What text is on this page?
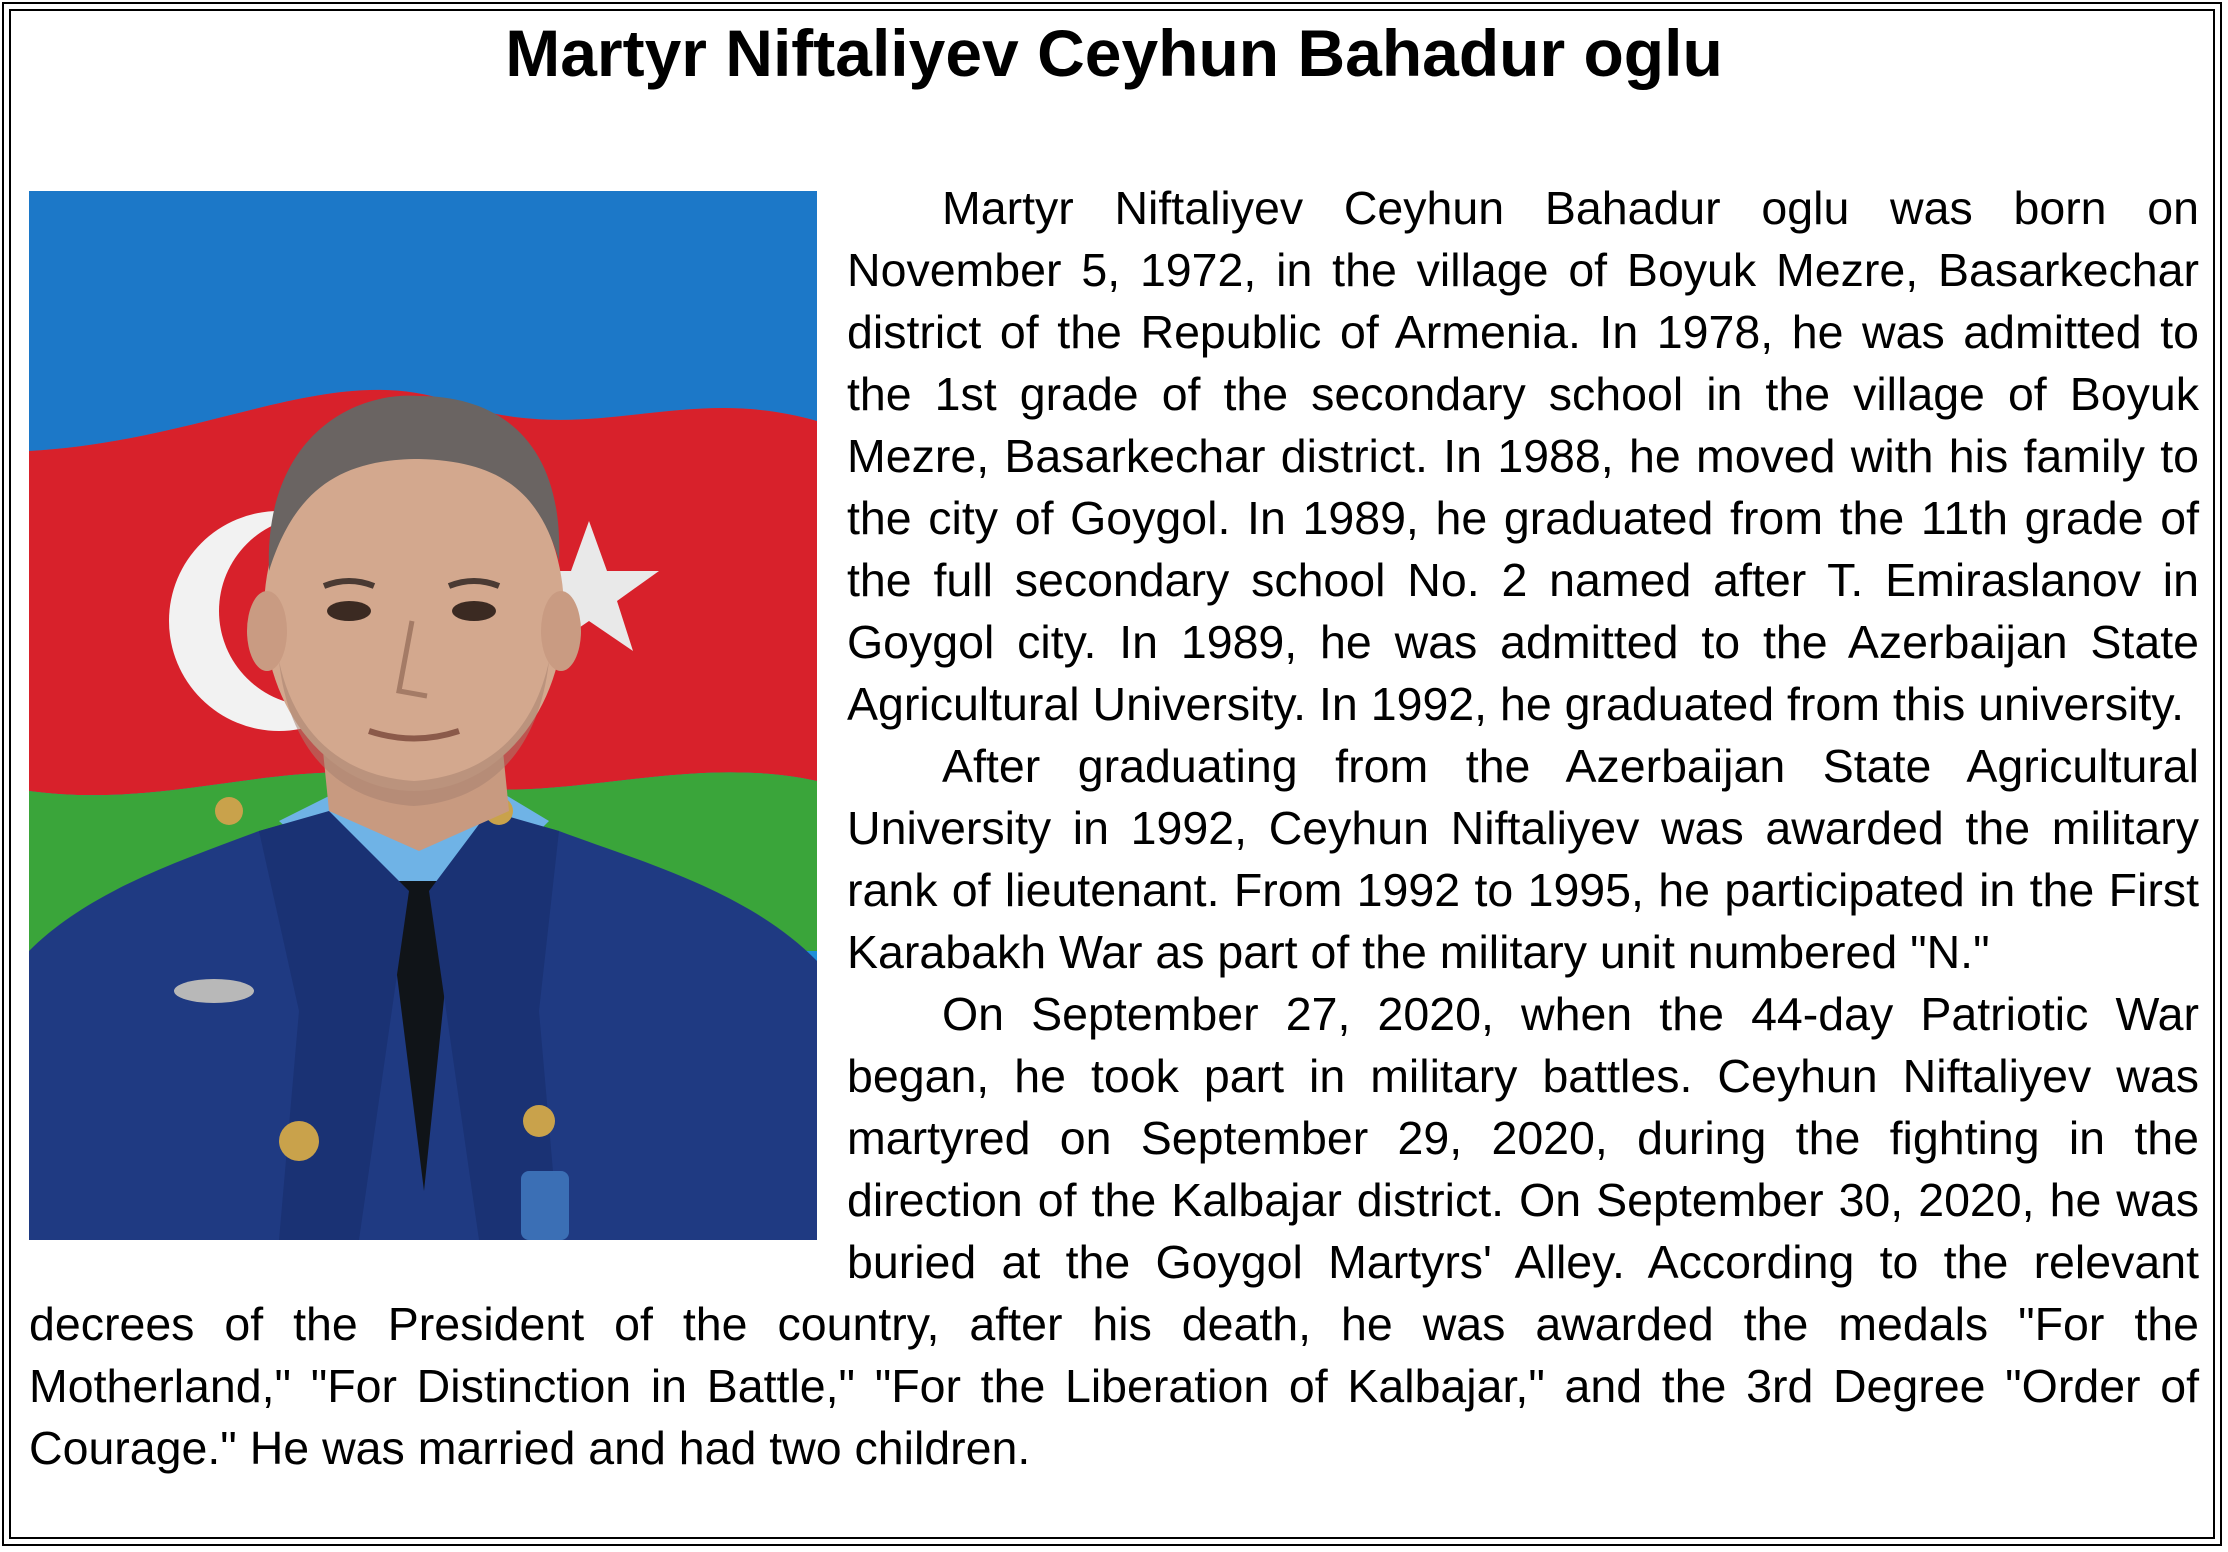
Martyr Niftaliyev Ceyhun Bahadur oglu

Martyr Niftaliyev Ceyhun Bahadur oglu was born on November 5, 1972, in the village of Boyuk Mezre, Basarkechar district of the Republic of Armenia. In 1978, he was admitted to the 1st grade of the secondary school in the village of Boyuk Mezre, Basarkechar district. In 1988, he moved with his family to the city of Goygol. In 1989, he graduated from the 11th grade of the full secondary school No. 2 named after T. Emiraslanov in Goygol city. In 1989, he was admitted to the Azerbaijan State Agricultural University. In 1992, he graduated from this university.

After graduating from the Azerbaijan State Agricultural University in 1992, Ceyhun Niftaliyev was awarded the military rank of lieutenant. From 1992 to 1995, he participated in the First Karabakh War as part of the military unit numbered "N."

On September 27, 2020, when the 44-day Patriotic War began, he took part in military battles. Ceyhun Niftaliyev was martyred on September 29, 2020, during the fighting in the direction of the Kalbajar district. On September 30, 2020, he was buried at the Goygol Martyrs' Alley. According to the relevant decrees of the President of the country, after his death, he was awarded the medals "For the Motherland," "For Distinction in Battle," "For the Liberation of Kalbajar," and the 3rd Degree "Order of Courage." He was married and had two children.
